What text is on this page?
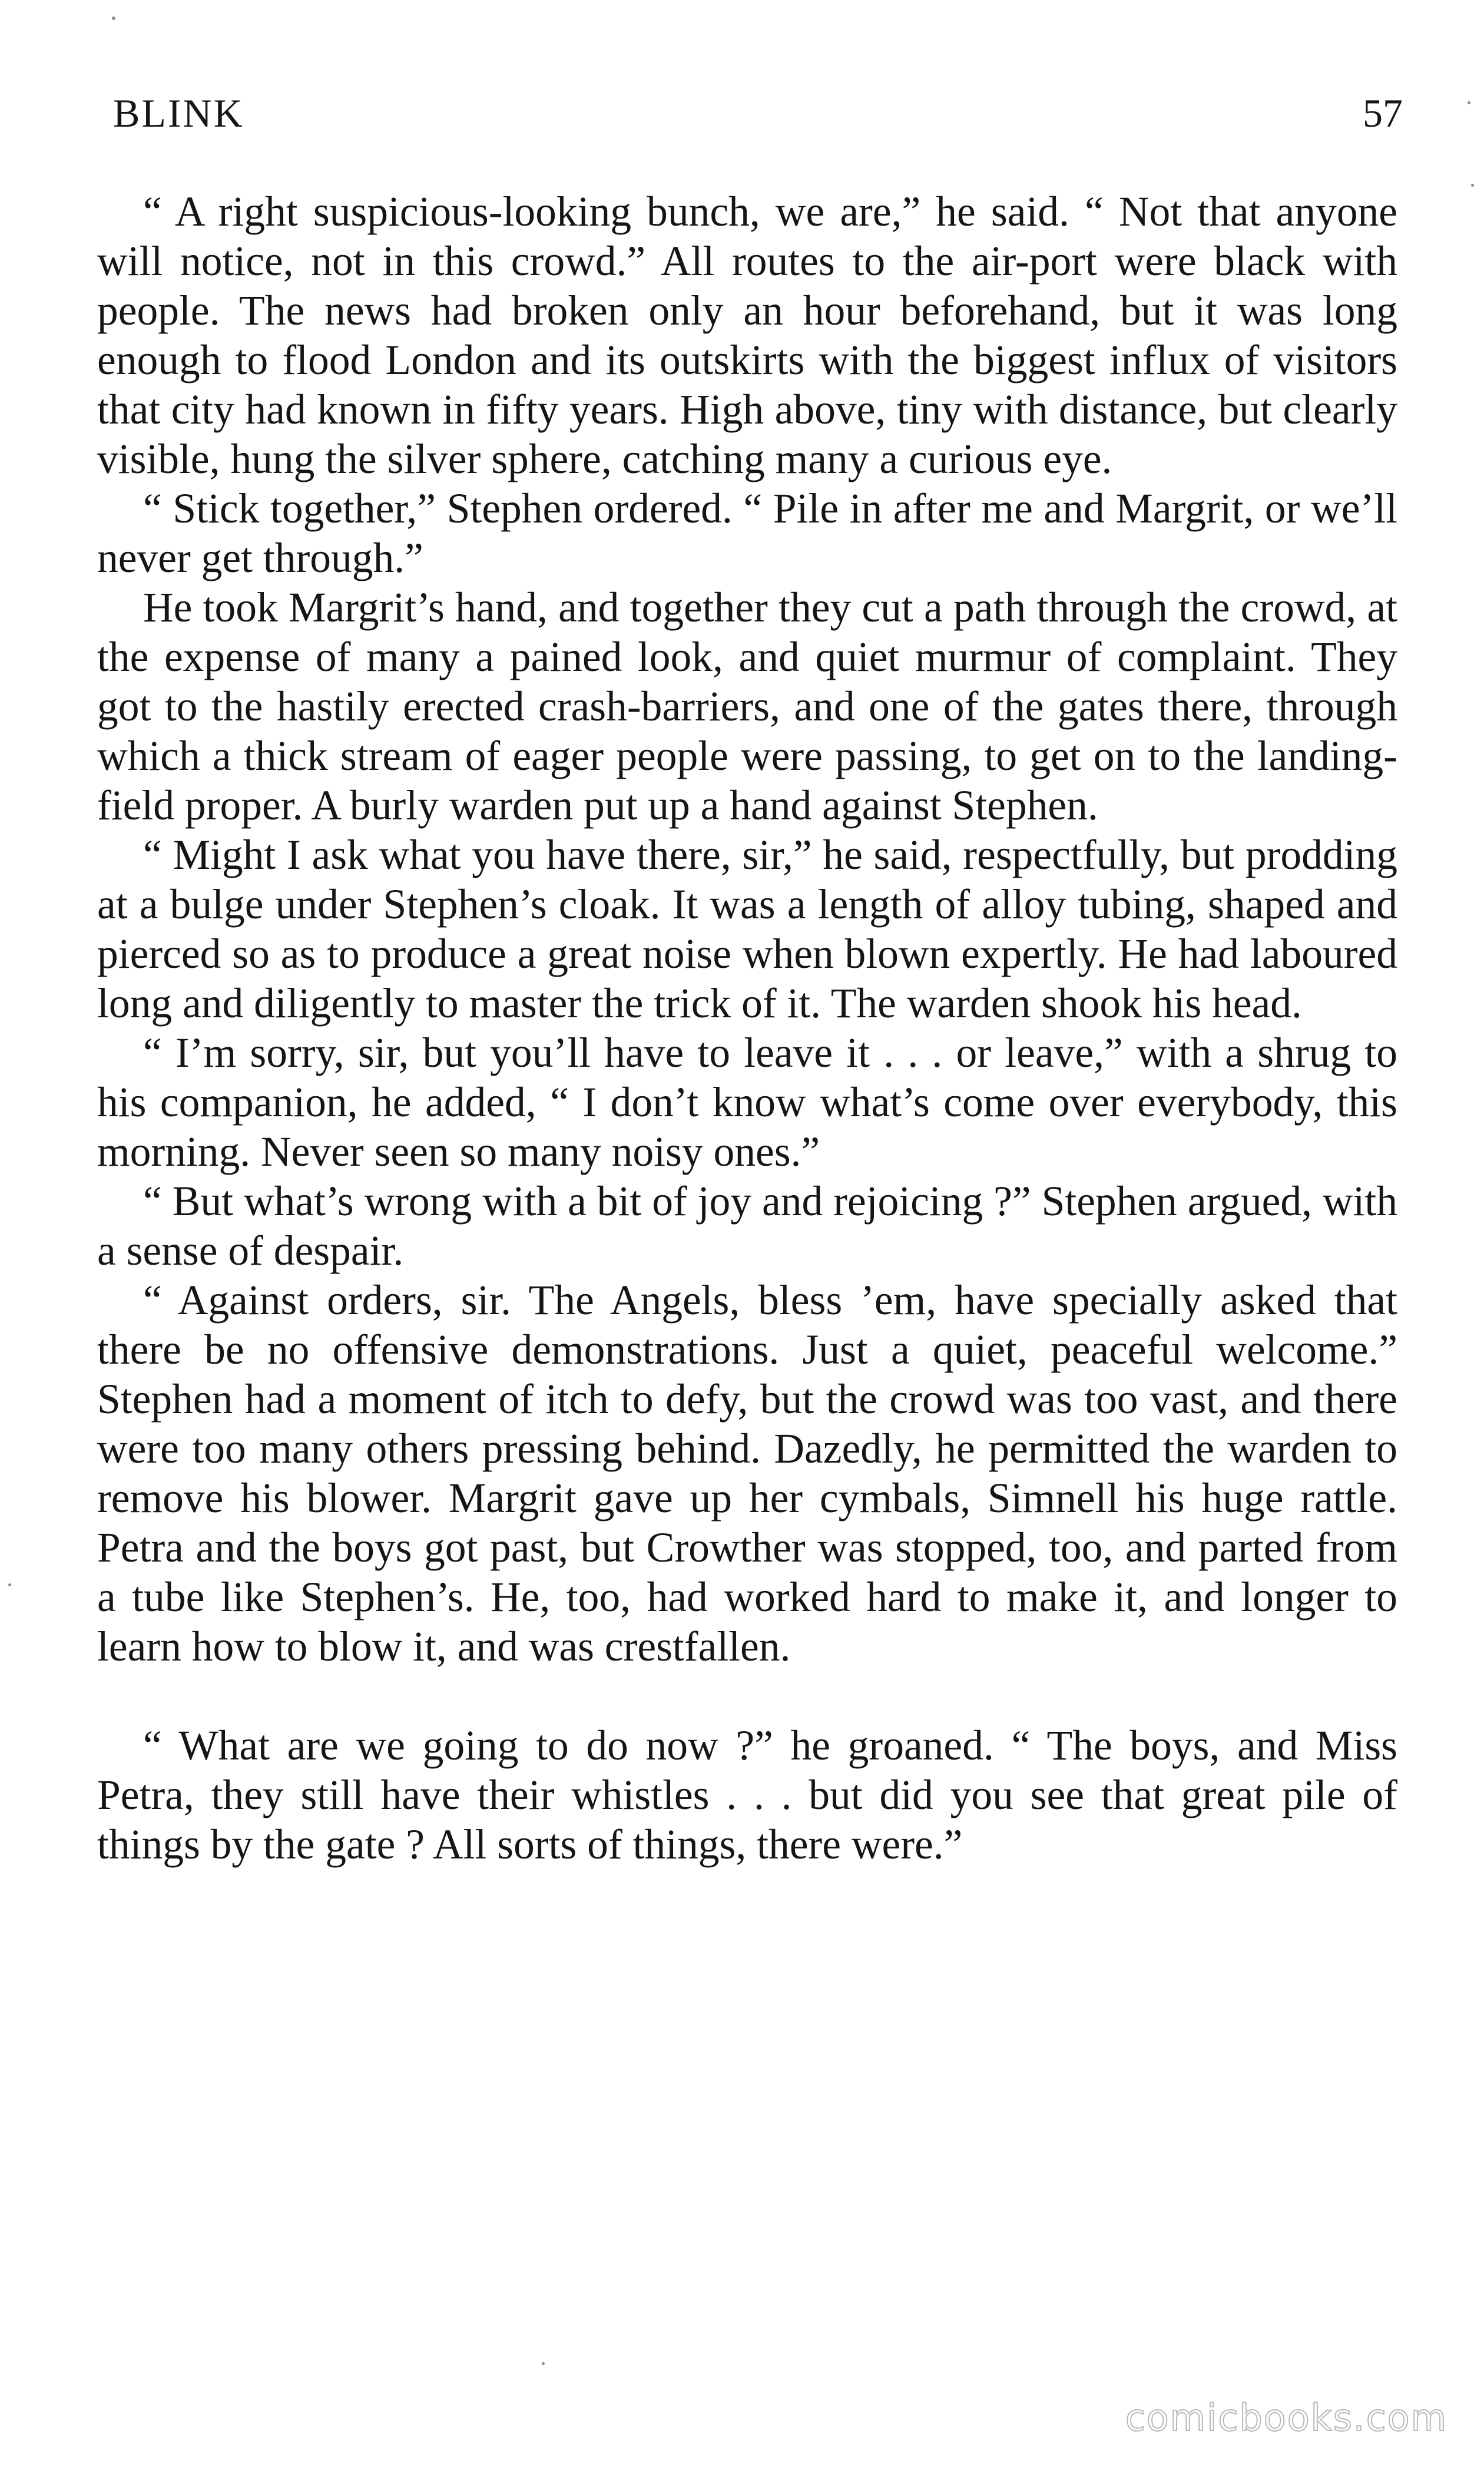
BLINK	57

“ A right suspicious-looking bunch, we are,” he said. “ Not that anyone will notice, not in this crowd.” All routes to the air-port were black with people. The news had broken only an hour beforehand, but it was long enough to flood London and its outskirts with the biggest influx of visitors that city had known in fifty years. High above, tiny with distance, but clearly visible, hung the silver sphere, catching many a curious eye.

“ Stick together,” Stephen ordered. “ Pile in after me and Margrit, or we’ll never get through.”

He took Margrit’s hand, and together they cut a path through the crowd, at the expense of many a pained look, and quiet murmur of complaint. They got to the hastily erected crash-barriers, and one of the gates there, through which a thick stream of eager people were passing, to get on to the landing-field proper. A burly warden put up a hand against Stephen.

“ Might I ask what you have there, sir,” he said, respectfully, but prodding at a bulge under Stephen’s cloak. It was a length of alloy tubing, shaped and pierced so as to produce a great noise when blown expertly. He had laboured long and diligently to master the trick of it. The warden shook his head.

“ I’m sorry, sir, but you’ll have to leave it . . . or leave,” with a shrug to his companion, he added, “ I don’t know what’s come over everybody, this morning. Never seen so many noisy ones.”

“ But what’s wrong with a bit of joy and rejoicing ?” Stephen argued, with a sense of despair.

“ Against orders, sir. The Angels, bless ’em, have specially asked that there be no offensive demonstrations. Just a quiet, peaceful welcome.” Stephen had a moment of itch to defy, but the crowd was too vast, and there were too many others pressing behind. Dazedly, he permitted the warden to remove his blower. Margrit gave up her cymbals, Simnell his huge rattle. Petra and the boys got past, but Crowther was stopped, too, and parted from a tube like Stephen’s. He, too, had worked hard to make it, and longer to learn how to blow it, and was crestfallen.

“ What are we going to do now ?” he groaned. “ The boys, and Miss Petra, they still have their whistles . . . but did you see that great pile of things by the gate ? All sorts of things, there were.”

comicbooks.com
